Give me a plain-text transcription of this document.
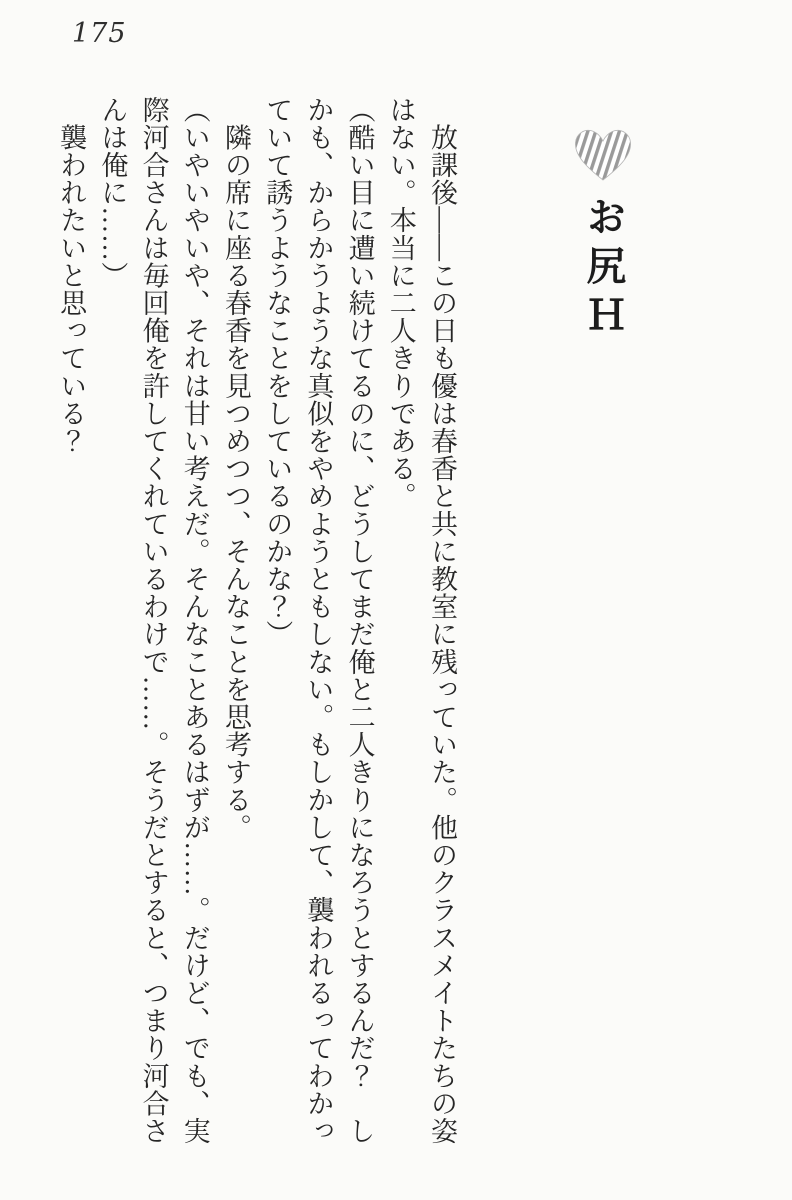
175
お尻Ｈ

　放課後——この日も優は春香と共に教室に残っていた。他のクラスメイトたちの姿

はない。本当に二人きりである。

（酷い目に遭い続けてるのに、どうしてまだ俺と二人きりになろうとするんだ？　し

かも、からかうような真似をやめようともしない。もしかして、襲われるってわかっ

ていて誘うようなことをしているのかな？）

　隣の席に座る春香を見つめつつ、そんなことを思考する。

（いやいやいや、それは甘い考えだ。そんなことあるはずが……。だけど、でも、実

際河合さんは毎回俺を許してくれているわけで……。そうだとすると、つまり河合さ

んは俺に……）

　襲われたいと思っている？
